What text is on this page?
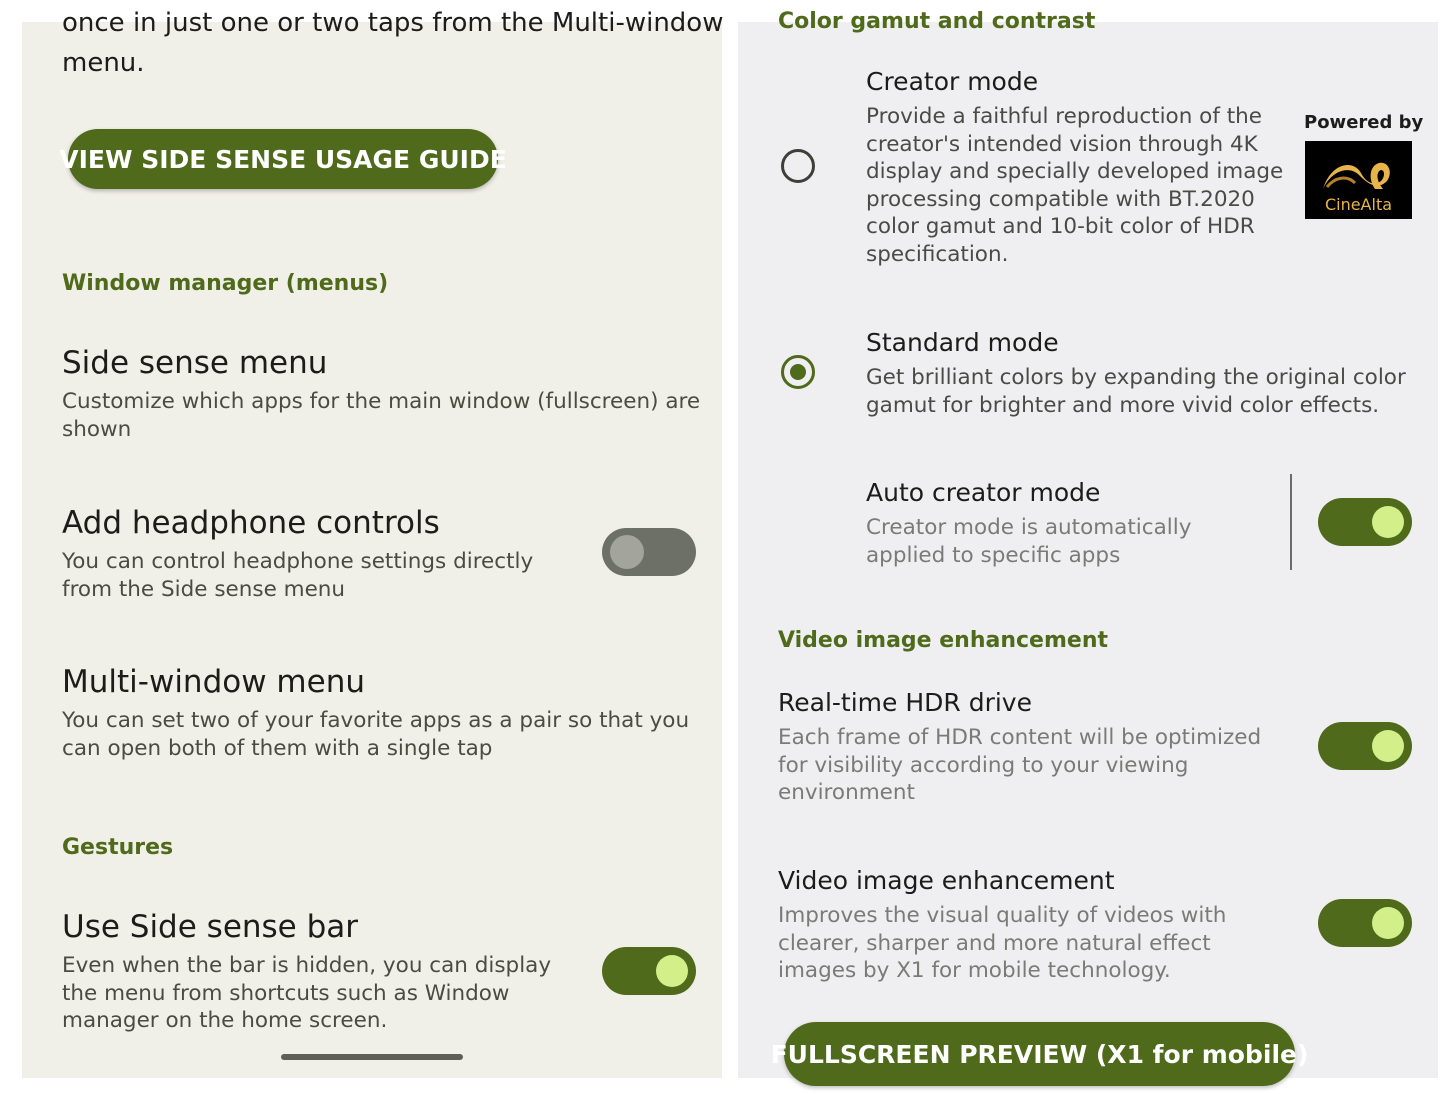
once in just one or two taps from the Multi-window
menu.
VIEW SIDE SENSE USAGE GUIDE
Window manager (menus)
Side sense menu
Customize which apps for the main window (fullscreen) are shown
Add headphone controls
You can control headphone settings directly from the Side sense menu
Multi-window menu
You can set two of your favorite apps as a pair so that you can open both of them with a single tap
Gestures
Use Side sense bar
Even when the bar is hidden, you can display the menu from shortcuts such as Window manager on the home screen.
Color gamut and contrast
Creator mode
Provide a faithful reproduction of the creator's intended vision through 4K display and specially developed image processing compatible with BT.2020 color gamut and 10-bit color of HDR specification.
Powered by
CineAlta
Standard mode
Get brilliant colors by expanding the original color gamut for brighter and more vivid color effects.
Auto creator mode
Creator mode is automatically applied to specific apps
Video image enhancement
Real-time HDR drive
Each frame of HDR content will be optimized for visibility according to your viewing environment
Video image enhancement
Improves the visual quality of videos with clearer, sharper and more natural effect images by X1 for mobile technology.
FULLSCREEN PREVIEW (X1 for mobile)
